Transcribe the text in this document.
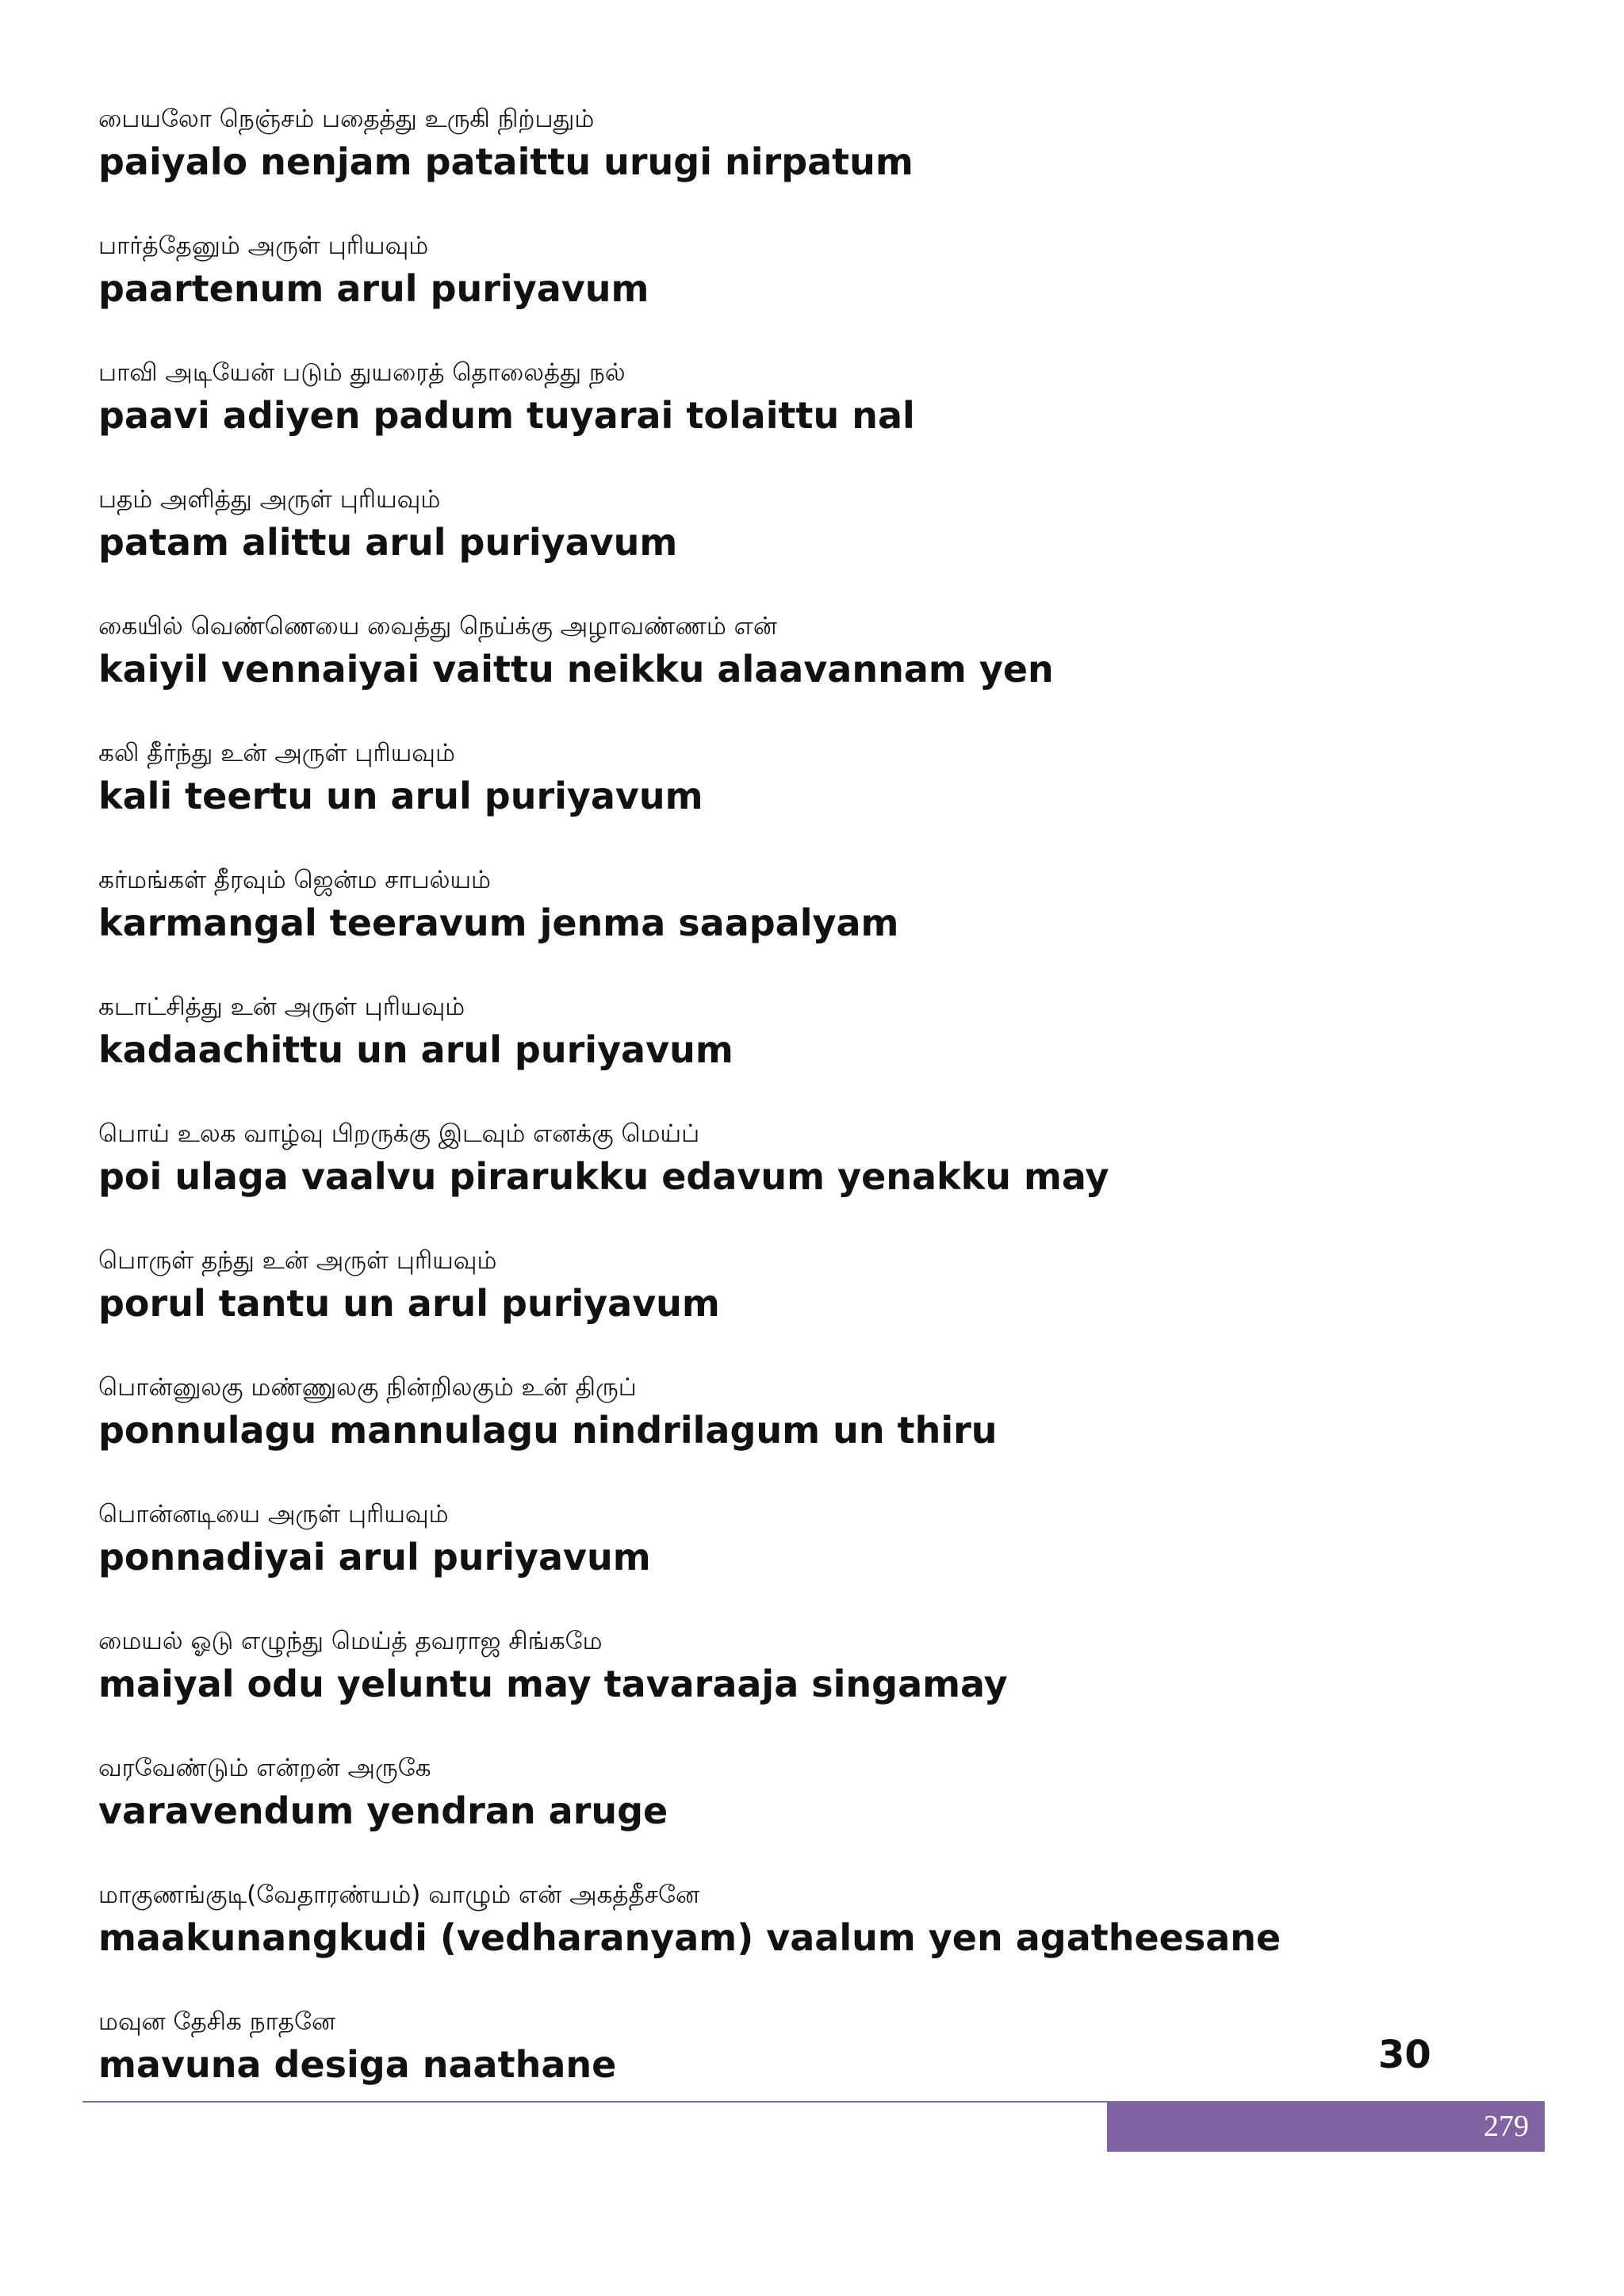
பையலோ நெஞ்சம் பதைத்து உருகி நிற்பதும்
paiyalo nenjam pataittu urugi nirpatum
பார்த்தேனும் அருள் புரியவும்
paartenum arul puriyavum
பாவி அடியேன் படும் துயரைத் தொலைத்து நல்
paavi adiyen padum tuyarai tolaittu nal
பதம் அளித்து அருள் புரியவும்
patam alittu arul puriyavum
கையில் வெண்ணெயை வைத்து நெய்க்கு அழாவண்ணம் என்
kaiyil vennaiyai vaittu neikku alaavannam yen
கலி தீர்ந்து உன் அருள் புரியவும்
kali teertu un arul puriyavum
கர்மங்கள் தீரவும் ஜென்ம சாபல்யம்
karmangal teeravum jenma saapalyam
கடாட்சித்து உன் அருள் புரியவும்
kadaachittu un arul puriyavum
பொய் உலக வாழ்வு பிறருக்கு இடவும் எனக்கு மெய்ப்
poi ulaga vaalvu pirarukku edavum yenakku may
பொருள் தந்து உன் அருள் புரியவும்
porul tantu un arul puriyavum
பொன்னுலகு மண்ணுலகு நின்றிலகும் உன் திருப்
ponnulagu mannulagu nindrilagum un thiru
பொன்னடியை அருள் புரியவும்
ponnadiyai arul puriyavum
மையல் ஓடு எழுந்து மெய்த் தவராஜ சிங்கமே
maiyal odu yeluntu may tavaraaja singamay
வரவேண்டும் என்றன் அருகே
varavendum yendran aruge
மாகுணங்குடி(வேதாரண்யம்) வாழும் என் அகத்தீசனே
maakunangkudi (vedharanyam) vaalum yen agatheesane
மவுன தேசிக நாதனே
mavuna desiga naathane	30
279
